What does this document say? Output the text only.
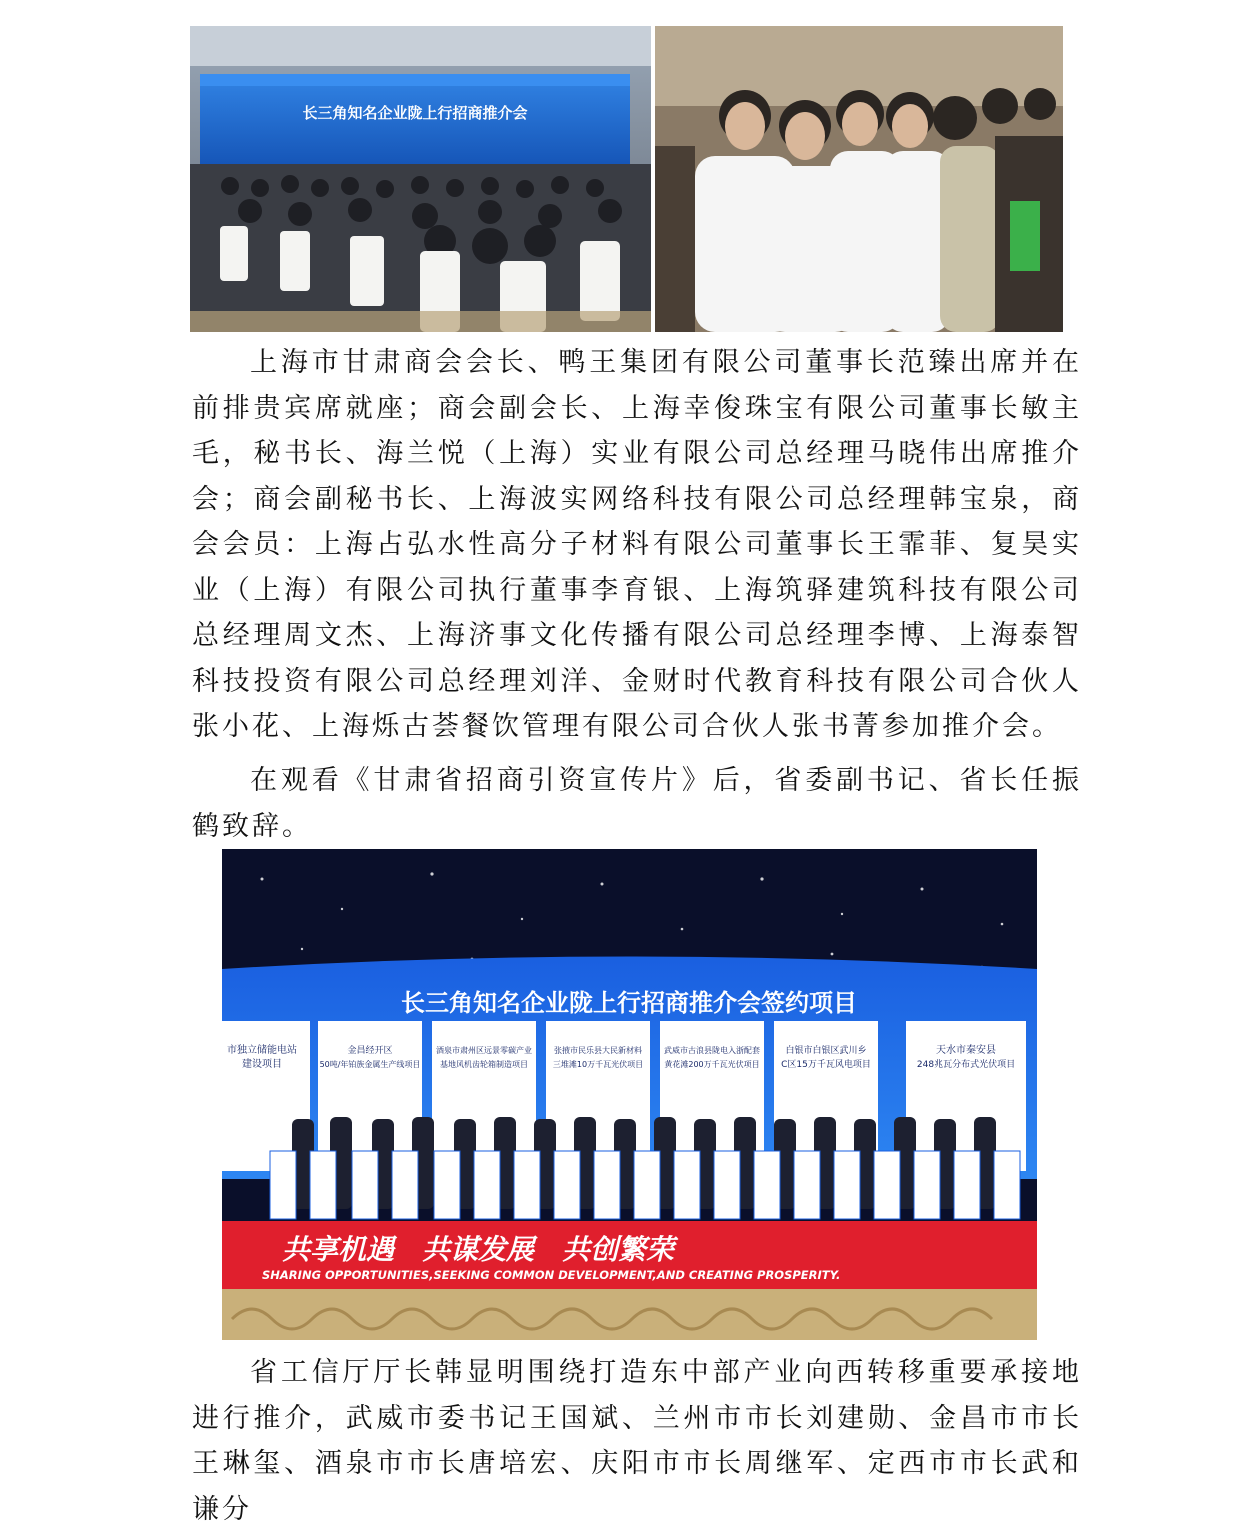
长三角知名企业陇上行招商推介会

上海市甘肃商会会长、鸭王集团有限公司董事长范臻出席并在前排贵宾席就座；商会副会长、上海幸俊珠宝有限公司董事长敏主毛，秘书长、海兰悦（上海）实业有限公司总经理马晓伟出席推介会；商会副秘书长、上海波实网络科技有限公司总经理韩宝泉，商会会员：上海占弘水性高分子材料有限公司董事长王霏菲、复昊实业（上海）有限公司执行董事李育银、上海筑驿建筑科技有限公司总经理周文杰、上海济事文化传播有限公司总经理李博、上海泰智科技投资有限公司总经理刘洋、金财时代教育科技有限公司合伙人张小花、上海烁古荟餐饮管理有限公司合伙人张书菁参加推介会。

在观看《甘肃省招商引资宣传片》后，省委副书记、省长任振鹤致辞。

长三角知名企业陇上行招商推介会签约项目
市独立储能电站
建设项目
金昌经开区
50吨/年铂族金属生产线项目
酒泉市肃州区远景零碳产业
基地风机齿轮箱制造项目
张掖市民乐县大民新材料
三堆滩10万千瓦光伏项目
武威市古浪县陇电入浙配套
黄花滩200万千瓦光伏项目
白银市白银区武川乡
C区15万千瓦风电项目
天水市秦安县
248兆瓦分布式光伏项目
共享机遇　共谋发展　共创繁荣
SHARING OPPORTUNITIES,SEEKING COMMON DEVELOPMENT,AND CREATING PROSPERITY.

省工信厅厅长韩显明围绕打造东中部产业向西转移重要承接地进行推介，武威市委书记王国斌、兰州市市长刘建勋、金昌市市长王琳玺、酒泉市市长唐培宏、庆阳市市长周继军、定西市市长武和谦分
